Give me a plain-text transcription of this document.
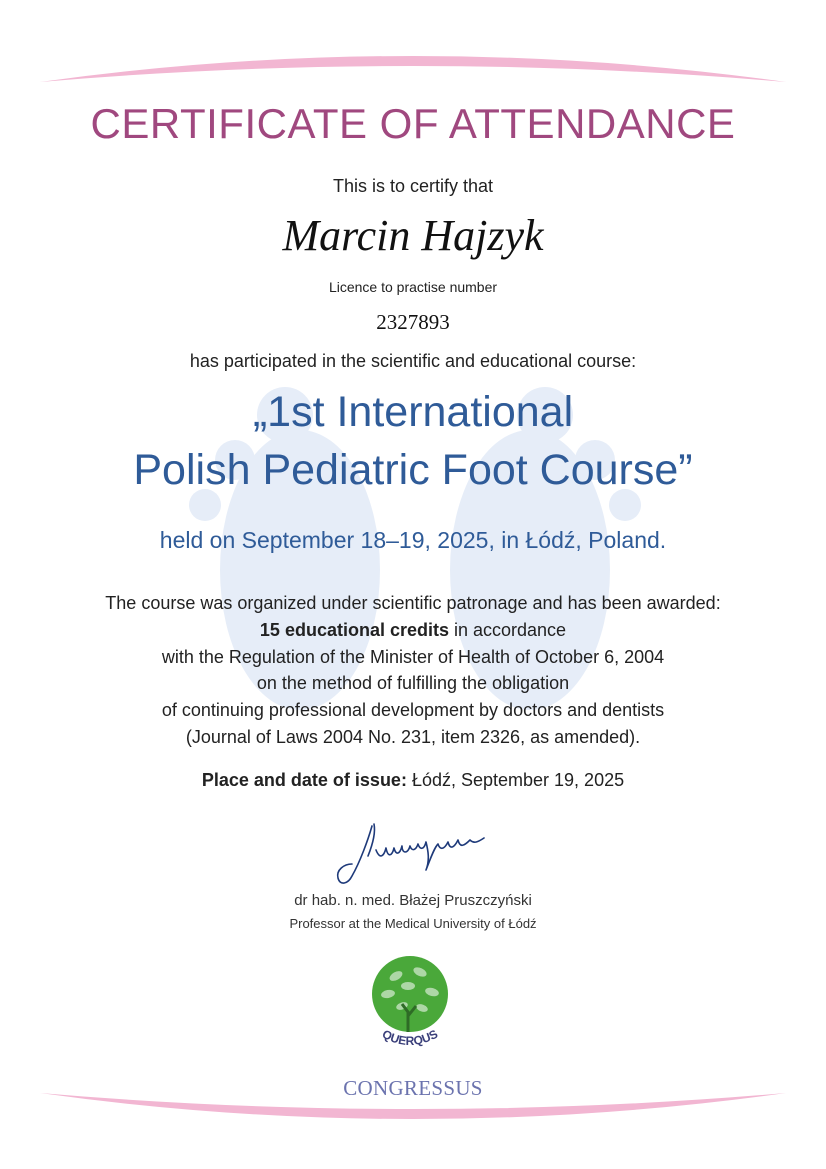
CERTIFICATE OF ATTENDANCE
This is to certify that
Marcin Hajzyk
Licence to practise number
2327893
has participated in the scientific and educational course:
„1st International
Polish Pediatric Foot Course”
held on September 18–19, 2025, in Łódź, Poland.
The course was organized under scientific patronage and has been awarded:
15 educational credits in accordance
with the Regulation of the Minister of Health of October 6, 2004
on the method of fulfilling the obligation
of continuing professional development by doctors and dentists
(Journal of Laws 2004 No. 231, item 2326, as amended).
Place and date of issue: Łódź, September 19, 2025
dr hab. n. med. Błażej Pruszczyński
Professor at the Medical University of Łódź
QUERQUS
CONGRESSUS
